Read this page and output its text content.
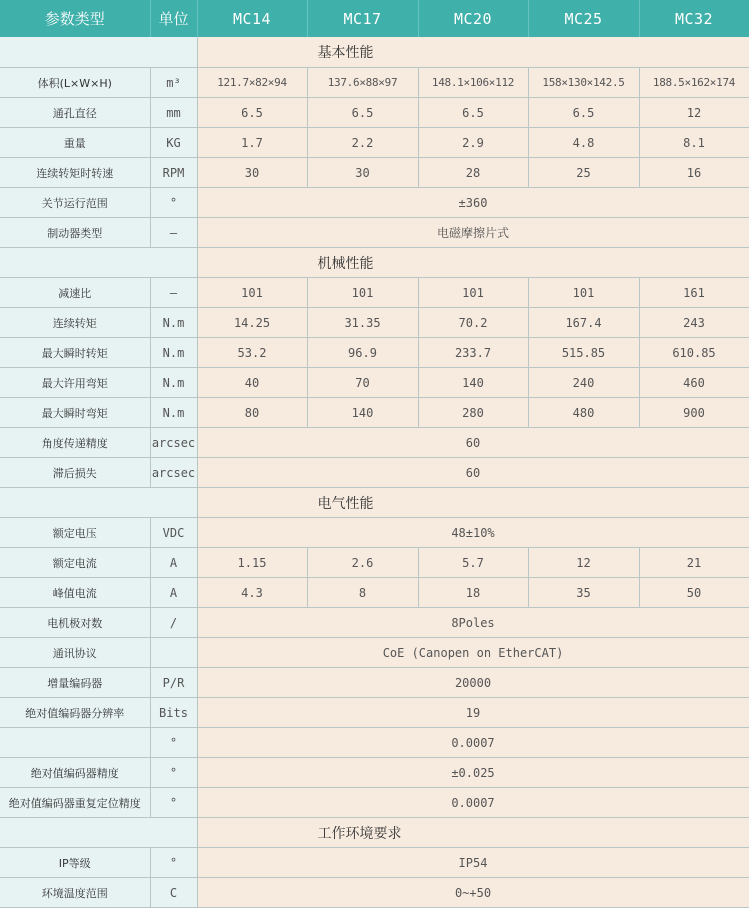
参数类型	单位	MC14	MC17	MC20	MC25	MC32
		基本性能				
体积(L×W×H)	m³	121.7×82×94	137.6×88×97	148.1×106×112	158×130×142.5	188.5×162×174
通孔直径	mm	6.5	6.5	6.5	6.5	12
重量	KG	1.7	2.2	2.9	4.8	8.1
连续转矩时转速	RPM	30	30	28	25	16
关节运行范围	°	±360				
制动器类型	—	电磁摩擦片式				
		机械性能				
减速比	—	101	101	101	101	161
连续转矩	N.m	14.25	31.35	70.2	167.4	243
最大瞬时转矩	N.m	53.2	96.9	233.7	515.85	610.85
最大许用弯矩	N.m	40	70	140	240	460
最大瞬时弯矩	N.m	80	140	280	480	900
角度传递精度	arcsec	60				
滞后损失	arcsec	60				
		电气性能				
额定电压	VDC	48±10%				
额定电流	A	1.15	2.6	5.7	12	21
峰值电流	A	4.3	8	18	35	50
电机极对数	/	8Poles				
通讯协议		CoE (Canopen on EtherCAT)				
增量编码器	P/R	20000				
绝对值编码器分辨率	Bits	19				
	°	0.0007				
绝对值编码器精度	°	±0.025				
绝对值编码器重复定位精度	°	0.0007				
		工作环境要求				
IP等级	°	IP54				
环境温度范围	C	0~+50				
